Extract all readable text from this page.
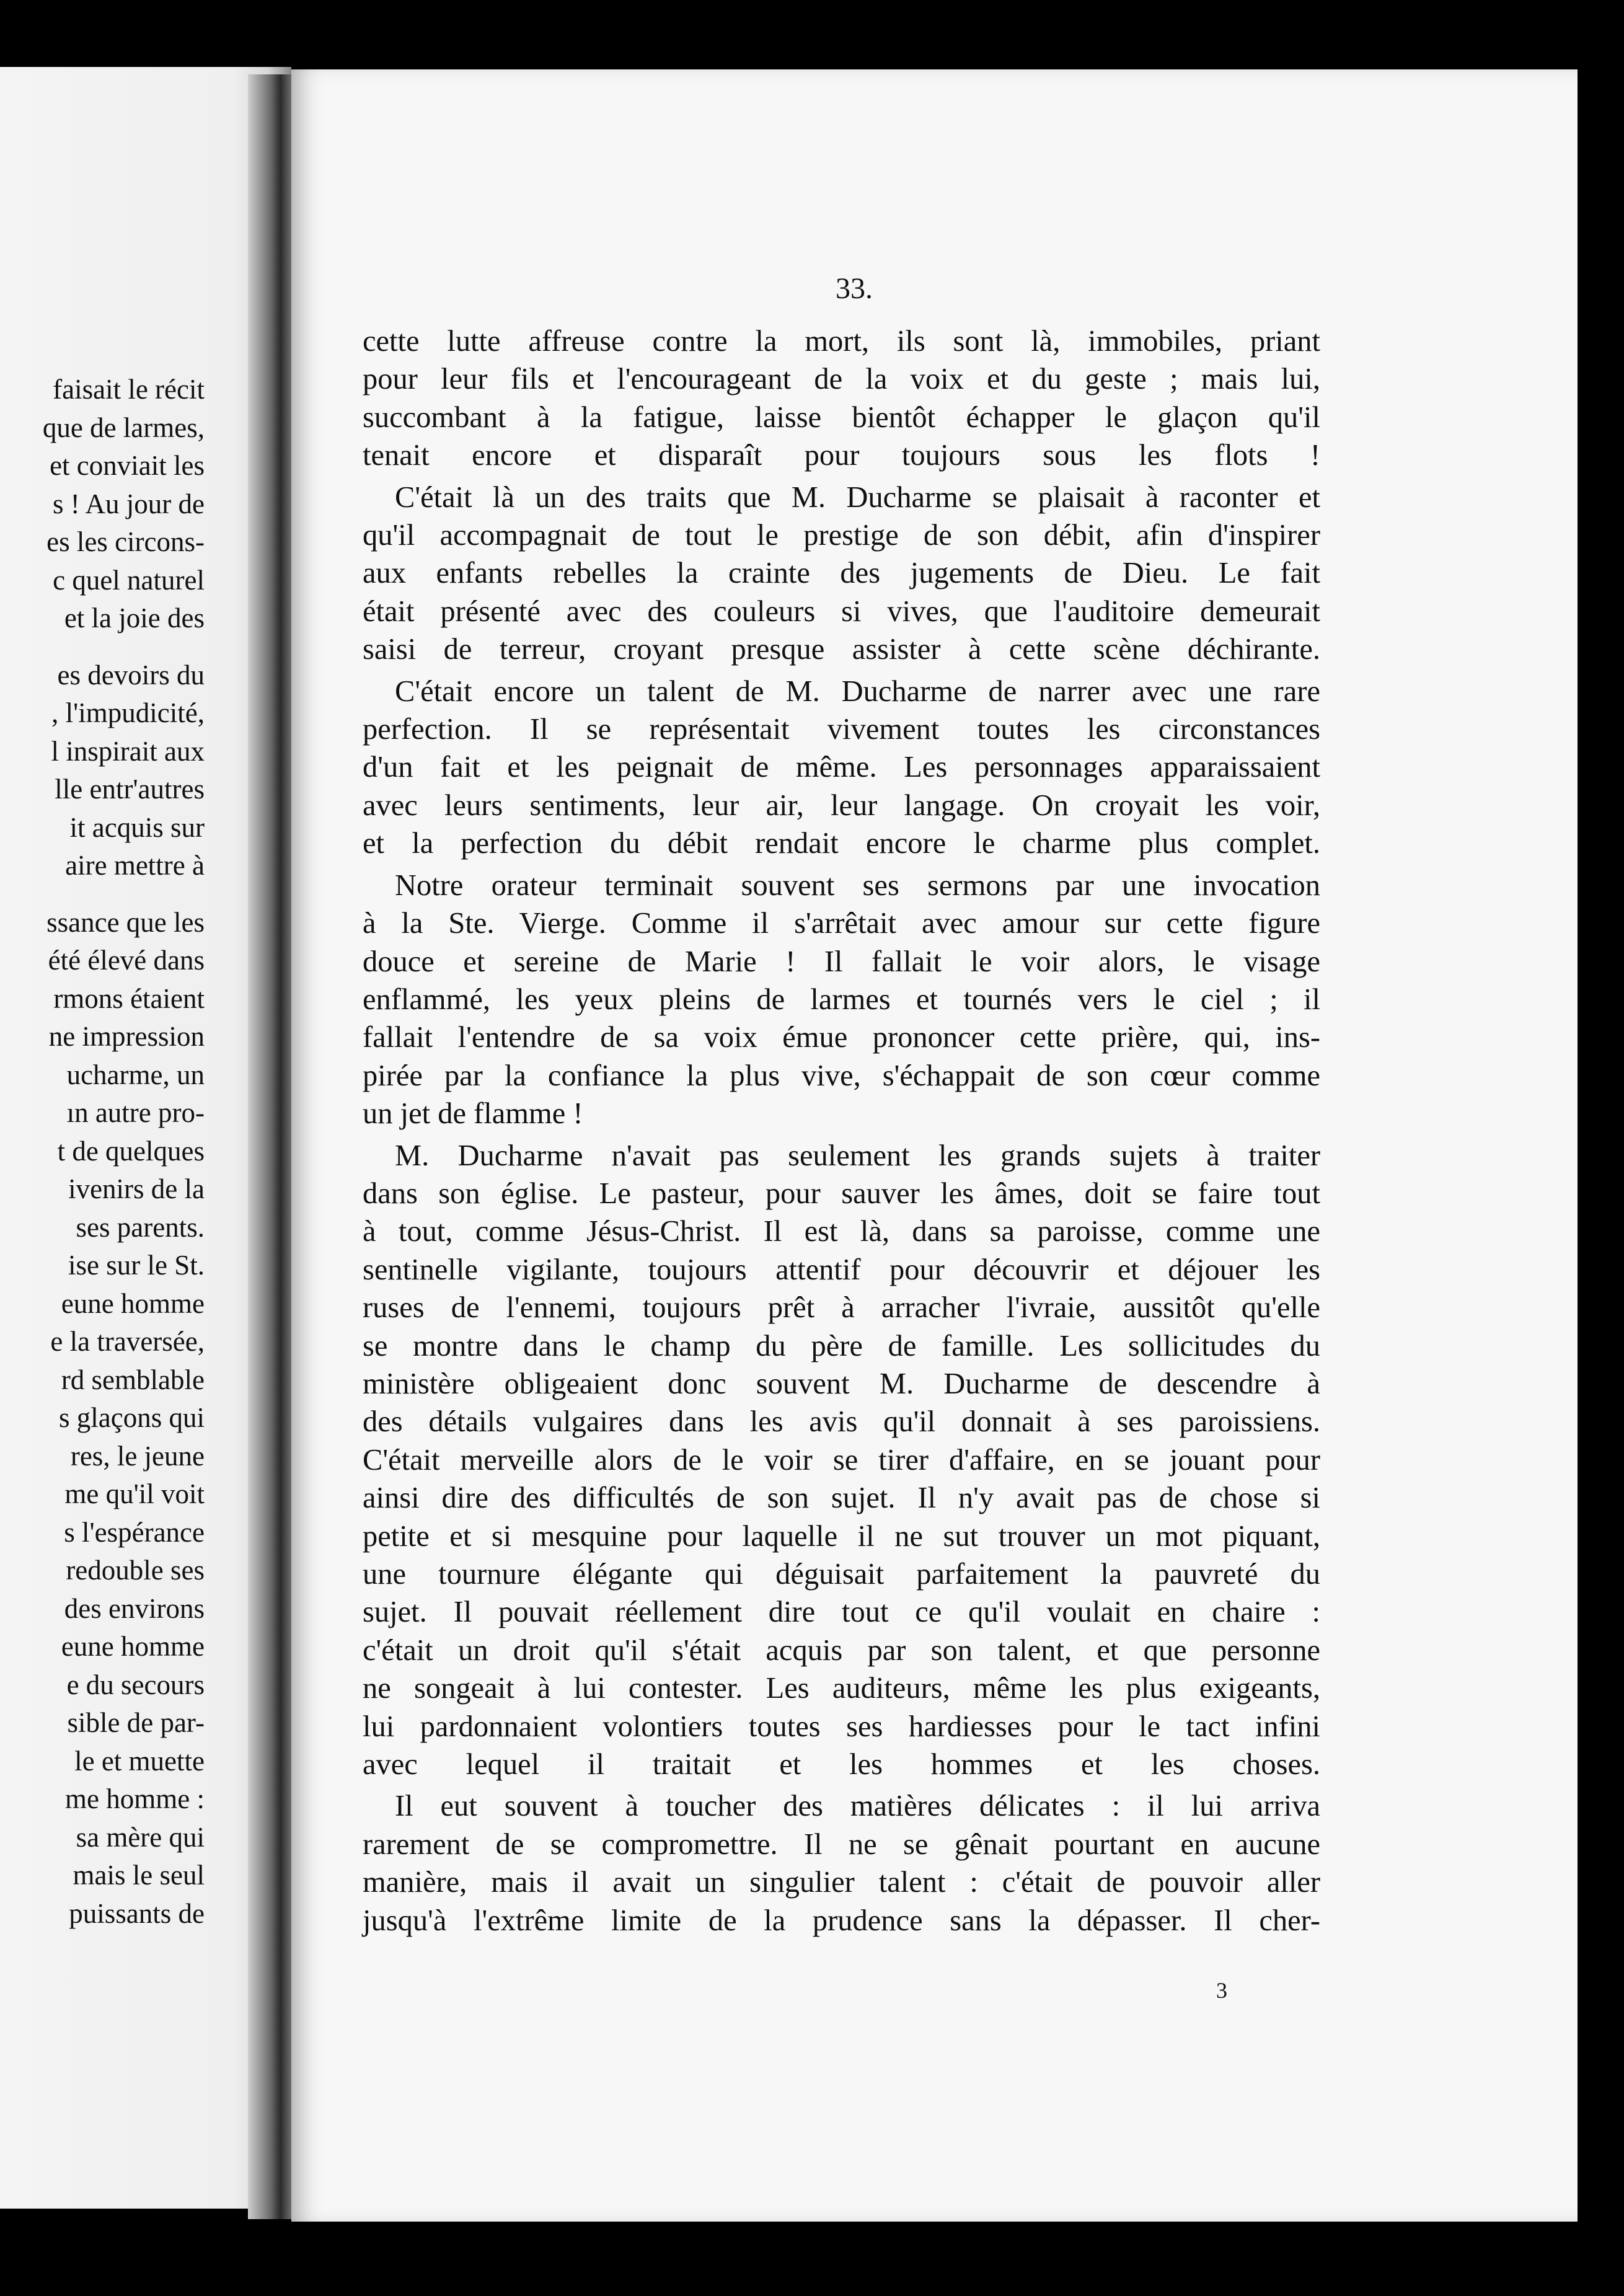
faisait le récit
que de larmes,
et conviait les
s ! Au jour de
es les circons-
c quel naturel
et la joie des
es devoirs du
, l'impudicité,
l inspirait aux
lle entr'autres
it acquis sur
aire mettre à
ssance que les
été élevé dans
rmons étaient
ne impression
ucharme, un
ın autre pro-
t de quelques
ivenirs de la
ses parents.
ise sur le St.
eune homme
e la traversée,
rd semblable
s glaçons qui
res, le jeune
me qu'il voit
s l'espérance
redouble ses
des environs
eune homme
e du secours
sible de par-
le et muette
me homme :
sa mère qui
mais le seul
puissants de
33.

cette lutte affreuse contre la mort, ils sont là, immobiles, priant
pour leur fils et l'encourageant de la voix et du geste ; mais lui,
succombant à la fatigue, laisse bientôt échapper le glaçon qu'il
tenait encore et disparaît pour toujours sous les flots !

C'était là un des traits que M. Ducharme se plaisait à raconter et
qu'il accompagnait de tout le prestige de son débit, afin d'inspirer
aux enfants rebelles la crainte des jugements de Dieu. Le fait
était présenté avec des couleurs si vives, que l'auditoire demeurait
saisi de terreur, croyant presque assister à cette scène déchirante.

C'était encore un talent de M. Ducharme de narrer avec une rare
perfection. Il se représentait vivement toutes les circonstances
d'un fait et les peignait de même. Les personnages apparaissaient
avec leurs sentiments, leur air, leur langage. On croyait les voir,
et la perfection du débit rendait encore le charme plus complet.

Notre orateur terminait souvent ses sermons par une invocation
à la Ste. Vierge. Comme il s'arrêtait avec amour sur cette figure
douce et sereine de Marie ! Il fallait le voir alors, le visage
enflammé, les yeux pleins de larmes et tournés vers le ciel ; il
fallait l'entendre de sa voix émue prononcer cette prière, qui, ins-
pirée par la confiance la plus vive, s'échappait de son cœur comme
un jet de flamme !

M. Ducharme n'avait pas seulement les grands sujets à traiter
dans son église. Le pasteur, pour sauver les âmes, doit se faire tout
à tout, comme Jésus-Christ. Il est là, dans sa paroisse, comme une
sentinelle vigilante, toujours attentif pour découvrir et déjouer les
ruses de l'ennemi, toujours prêt à arracher l'ivraie, aussitôt qu'elle
se montre dans le champ du père de famille. Les sollicitudes du
ministère obligeaient donc souvent M. Ducharme de descendre à
des détails vulgaires dans les avis qu'il donnait à ses paroissiens.
C'était merveille alors de le voir se tirer d'affaire, en se jouant pour
ainsi dire des difficultés de son sujet. Il n'y avait pas de chose si
petite et si mesquine pour laquelle il ne sut trouver un mot piquant,
une tournure élégante qui déguisait parfaitement la pauvreté du
sujet. Il pouvait réellement dire tout ce qu'il voulait en chaire :
c'était un droit qu'il s'était acquis par son talent, et que personne
ne songeait à lui contester. Les auditeurs, même les plus exigeants,
lui pardonnaient volontiers toutes ses hardiesses pour le tact infini
avec lequel il traitait et les hommes et les choses.

Il eut souvent à toucher des matières délicates : il lui arriva
rarement de se compromettre. Il ne se gênait pourtant en aucune
manière, mais il avait un singulier talent : c'était de pouvoir aller
jusqu'à l'extrême limite de la prudence sans la dépasser. Il cher-

3
